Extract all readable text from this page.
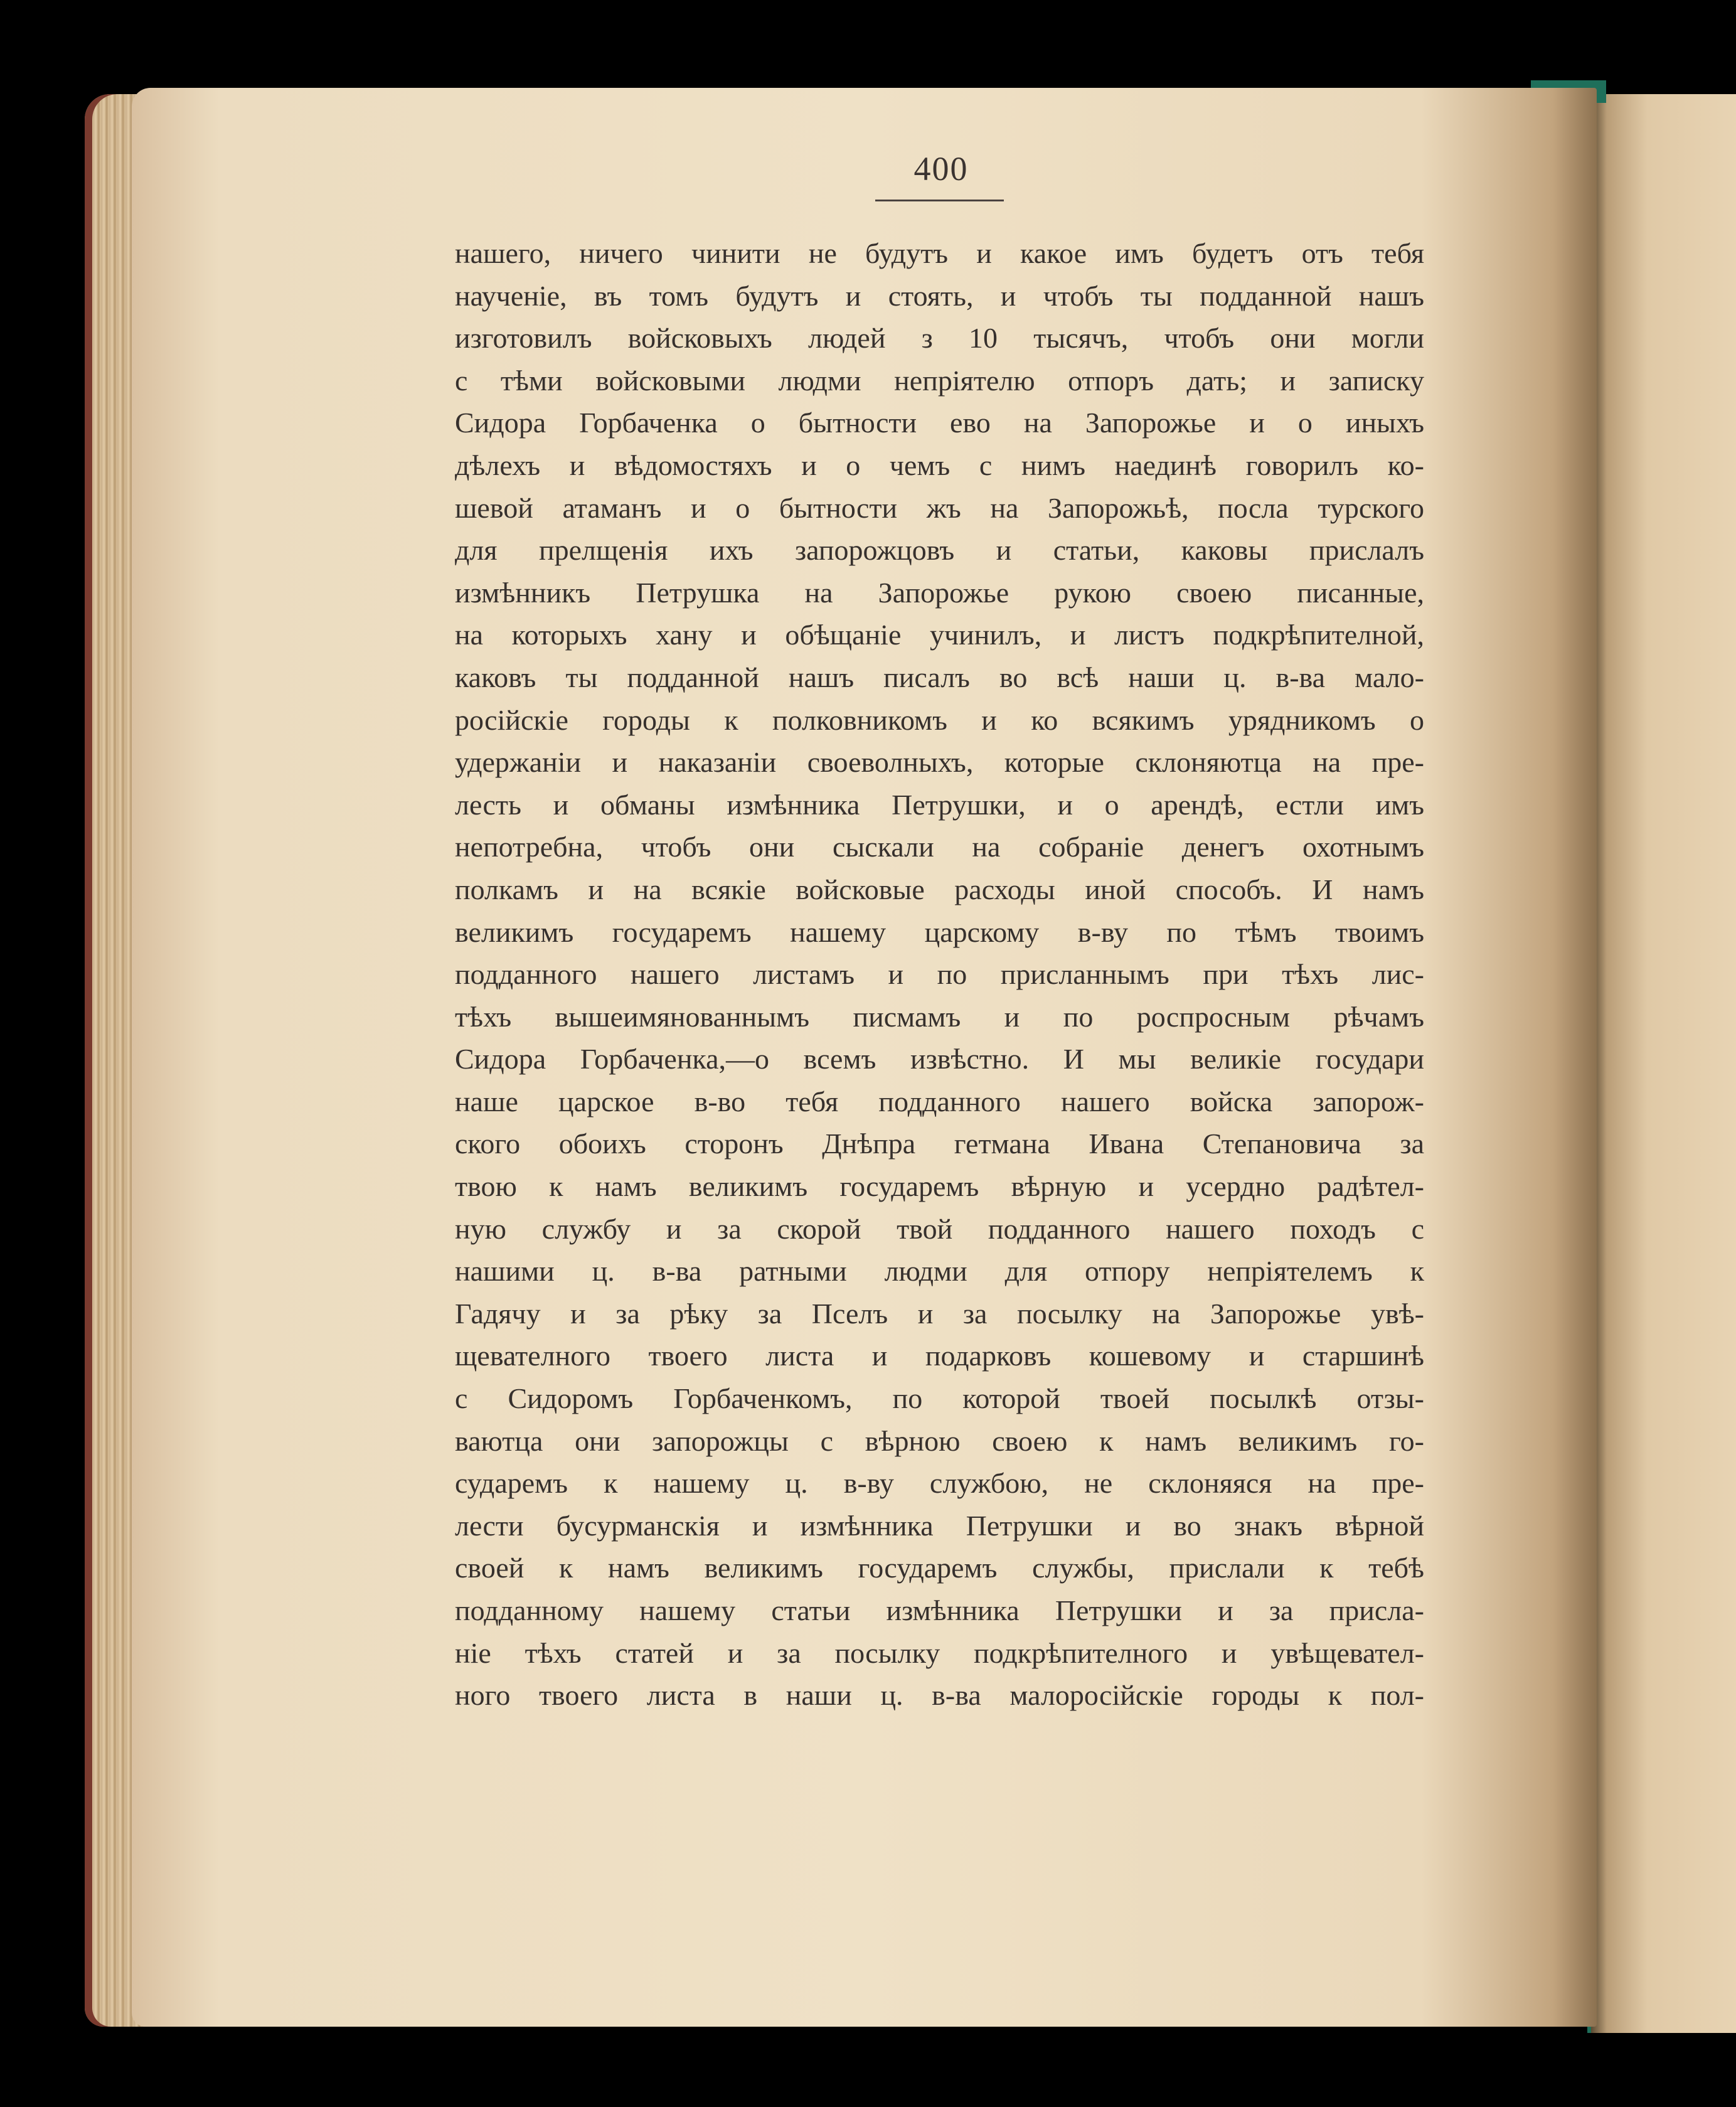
400
нашего, ничего чинити не будутъ и какое имъ будетъ отъ тебя
наученіе, въ томъ будутъ и стоять, и чтобъ ты подданной нашъ
изготовилъ войсковыхъ людей з 10 тысячъ, чтобъ они могли
с тѣми войсковыми людми непріятелю отпоръ дать; и записку
Сидора Горбаченка о бытности ево на Запорожье и о иныхъ
дѣлехъ и вѣдомостяхъ и о чемъ с нимъ наединѣ говорилъ ко-
шевой атаманъ и о бытности жъ на Запорожьѣ, посла турского
для прелщенія ихъ запорожцовъ и статьи, каковы прислалъ
измѣнникъ Петрушка на Запорожье рукою своею писанные,
на которыхъ хану и обѣщаніе учинилъ, и листъ подкрѣпителной,
каковъ ты подданной нашъ писалъ во всѣ наши ц. в-ва мало-
російскіе городы к полковникомъ и ко всякимъ урядникомъ о
удержаніи и наказаніи своеволныхъ, которые склоняютца на пре-
лесть и обманы измѣнника Петрушки, и о арендѣ, естли имъ
непотребна, чтобъ они сыскали на собраніе денегъ охотнымъ
полкамъ и на всякіе войсковые расходы иной способъ. И намъ
великимъ государемъ нашему царскому в-ву по тѣмъ твоимъ
подданного нашего листамъ и по присланнымъ при тѣхъ лис-
тѣхъ вышеимянованнымъ писмамъ и по роспросным рѣчамъ
Сидора Горбаченка,—о всемъ извѣстно. И мы великіе государи
наше царское в-во тебя подданного нашего войска запорож-
ского обоихъ сторонъ Днѣпра гетмана Ивана Степановича за
твою к намъ великимъ государемъ вѣрную и усердно радѣтел-
ную службу и за скорой твой подданного нашего походъ с
нашими ц. в-ва ратными людми для отпору непріятелемъ к
Гадячу и за рѣку за Пселъ и за посылку на Запорожье увѣ-
щевателного твоего листа и подарковъ кошевому и старшинѣ
с Сидоромъ Горбаченкомъ, по которой твоей посылкѣ отзы-
ваютца они запорожцы с вѣрною своею к намъ великимъ го-
сударемъ к нашему ц. в-ву службою, не склоняяся на пре-
лести бусурманскія и измѣнника Петрушки и во знакъ вѣрной
своей к намъ великимъ государемъ службы, прислали к тебѣ
подданному нашему статьи измѣнника Петрушки и за присла-
ніе тѣхъ статей и за посылку подкрѣпителного и увѣщевател-
ного твоего листа в наши ц. в-ва малоросійскіе городы к пол-
